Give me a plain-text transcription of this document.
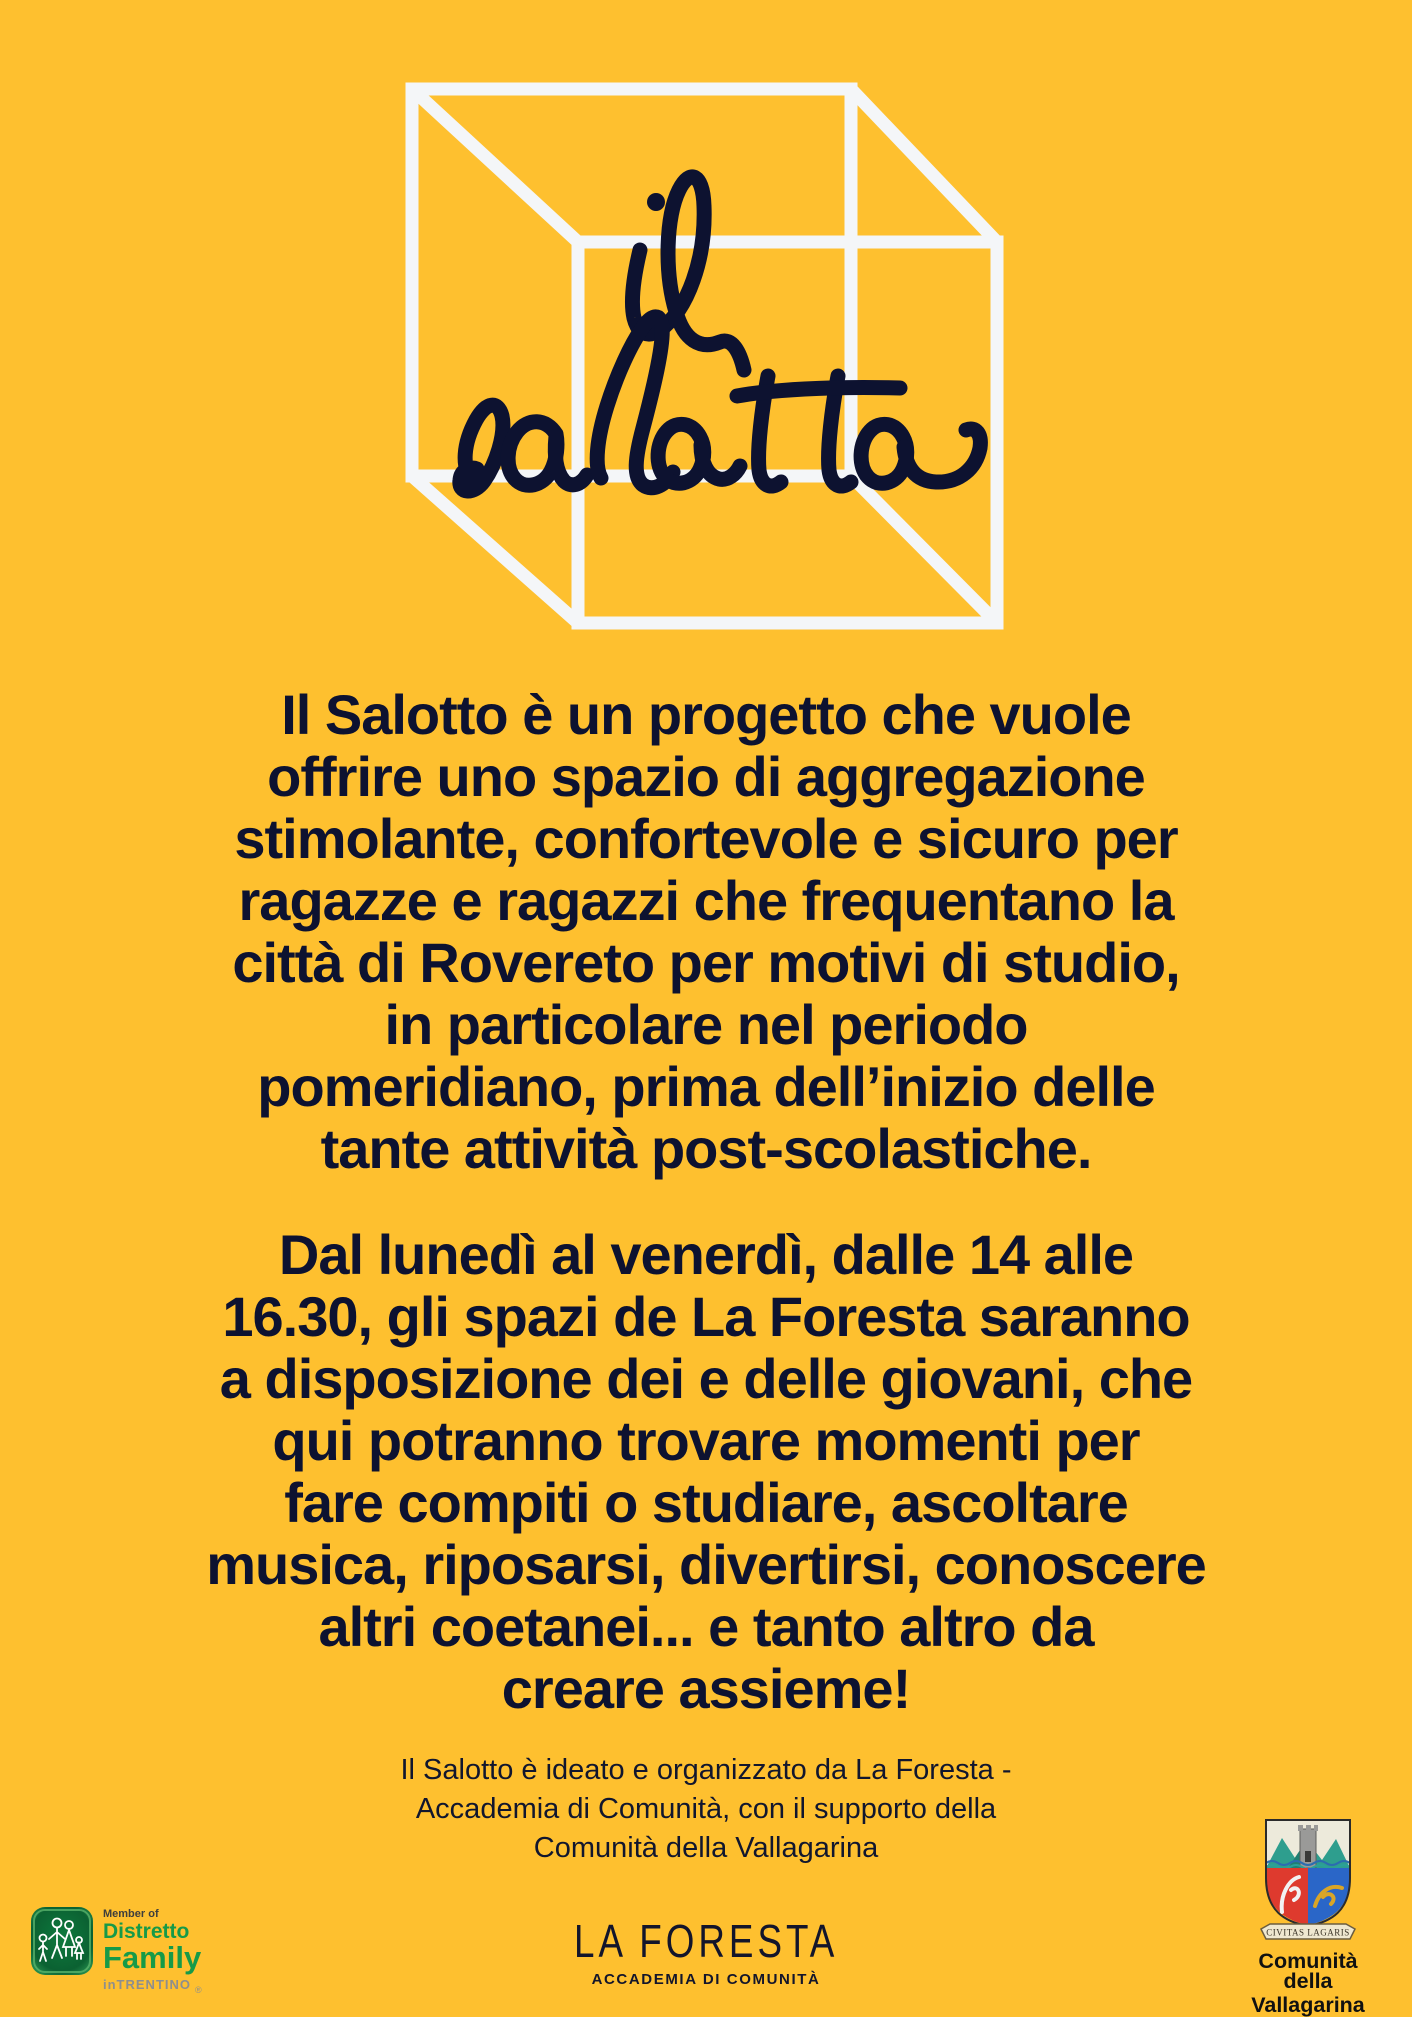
Il Salotto è un progetto che vuole
offrire uno spazio di aggregazione
stimolante, confortevole e sicuro per
ragazze e ragazzi che frequentano la
città di Rovereto per motivi di studio,
in particolare nel periodo
pomeridiano, prima dell’inizio delle
tante attività post-scolastiche.
Dal lunedì al venerdì, dalle 14 alle
16.30, gli spazi de La Foresta saranno
a disposizione dei e delle giovani, che
qui potranno trovare momenti per
fare compiti o studiare, ascoltare
musica, riposarsi, divertirsi, conoscere
altri coetanei... e tanto altro da
creare assieme!
Il Salotto è ideato e organizzato da La Foresta -
Accademia di Comunità, con il supporto della
Comunità della Vallagarina
Member of
Distretto
Family
inTRENTINO $_®$
LA FORESTA
ACCADEMIA DI COMUNITÀ
CIVITAS LAGARIS
Comunità della
Vallagarina
